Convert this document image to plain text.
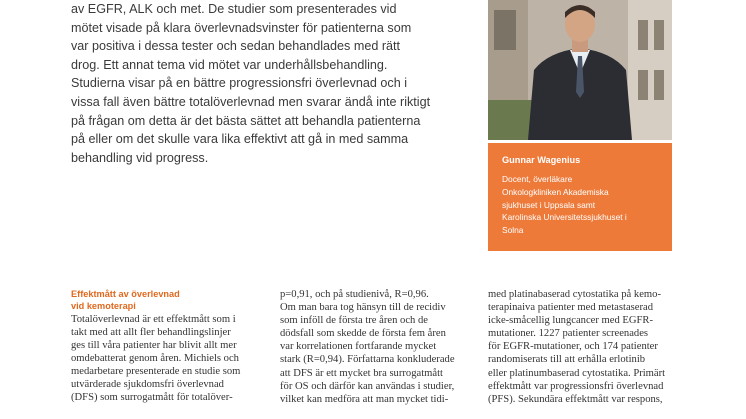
av EGFR, ALK och met. De studier som presenterades vid

mötet visade på klara överlevnadsvinster för patienterna som

var positiva i dessa tester och sedan behandlades med rätt

drog. Ett annat tema vid mötet var underhållsbehandling.

Studierna visar på en bättre progressionsfri överlevnad och i

vissa fall även bättre totalöverlevnad men svarar ändå inte riktigt

på frågan om detta är det bästa sättet att behandla patienterna

på eller om det skulle vara lika effektivt att gå in med samma

behandling vid progress.	Gunnar Wagenius
Docent, överläkare
Onkologkliniken Akademiska
sjukhuset i Uppsala samt
Karolinska Universitetssjukhuset i
Solna
Effektmått av överlevnad
vid kemoterapi
Totalöverlevnad är ett effektmått som i
takt med att allt fler behandlingslinjer
ges till våra patienter har blivit allt mer
omdebatterat genom åren. Michiels och
medarbetare presenterade en studie som
utvärderade sjukdomsfri överlevnad
(DFS) som surrogatmått för totalöver-
p=0,91, och på studienivå, R=0,96.
Om man bara tog hänsyn till de recidiv
som inföll de första tre åren och de
dödsfall som skedde de första fem åren
var korrelationen fortfarande mycket
stark (R=0,94). Författarna konkluderade
att DFS är ett mycket bra surrogatmått
för OS och därför kan användas i studier,
vilket kan medföra att man mycket tidi-
med platinabaserad cytostatika på kemo-
terapinaiva patienter med metastaserad
icke-småcellig lungcancer med EGFR-
mutationer. 1227 patienter screenades
för EGFR-mutationer, och 174 patienter
randomiserats till att erhålla erlotinib
eller platinumbaserad cytostatika. Primärt
effektmått var progressionsfri överlevnad
(PFS). Sekundära effektmått var respons,
